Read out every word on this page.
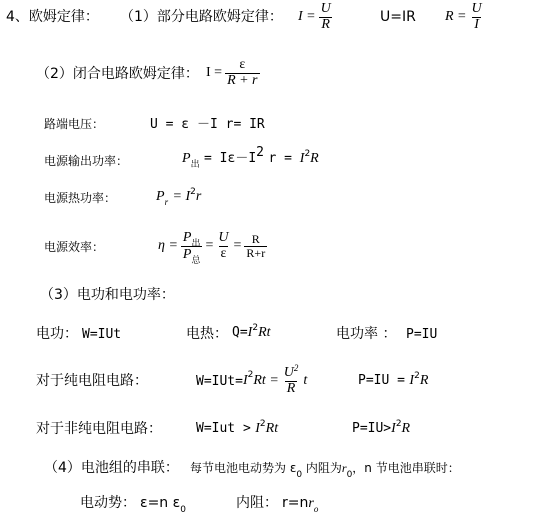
4、欧姆定律： （1）部分电路欧姆定律： $I = \frac{U}{R}$	U=IR $R = \frac{U}{I}$
（2）闭合电路欧姆定律： $I = \frac{\varepsilon}{R + r}$
路端电压：	U = ε －I r= IR
电源输出功率：	$P_出 = I\varepsilon-I2$ $r = I^2R$
电源热功率：	$P_r = I^2r$
电源效率：	$\eta = \frac{P_出}{P_总} = \frac{U}{\varepsilon} = \frac{R}{R+r}$
（3）电功和电功率：
电功： W=IUt	电热： $Q=I^2Rt$	电功率 ： P=IU
对于纯电阻电路：	W=IUt= I 2 $Rt = \frac{U^2}{R}$ t	$P=IU = I^2R$
对于非纯电阻电路：	$W=Iut > I^2Rt$	$P=IU>I^2R$
（4）电池组的串联： 每节电池电动势为 $\varepsilon_0$ 内阻为$r_0$，n 节电池串联时：
电动势： ε=n $\varepsilon_0$	内阻： $r=nr_o$
